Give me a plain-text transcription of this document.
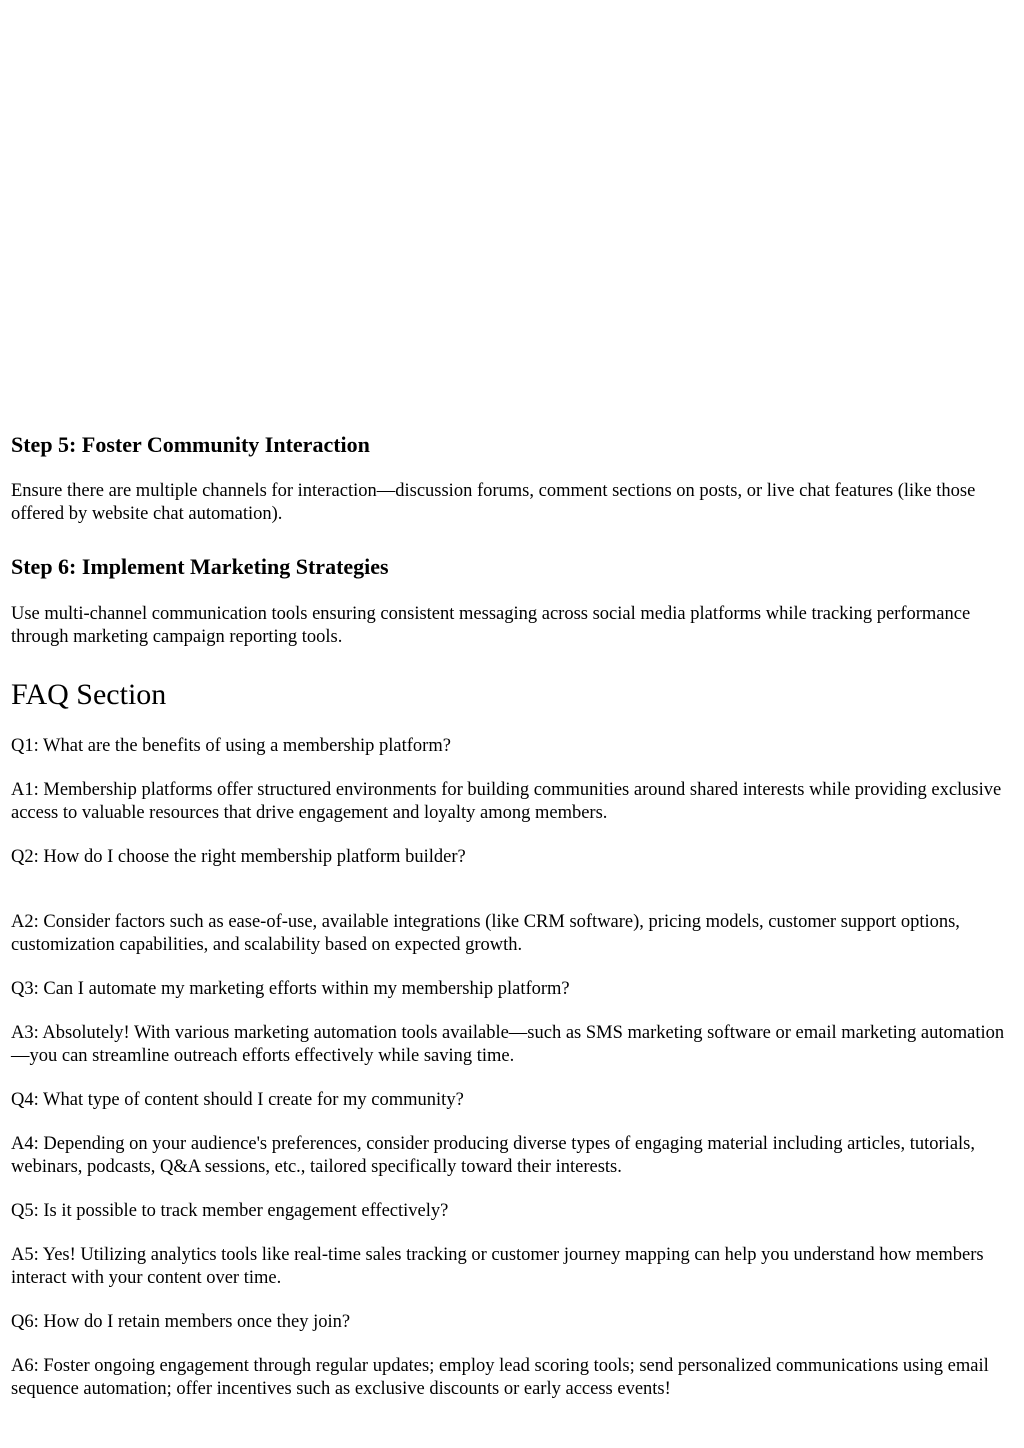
Step 5: Foster Community Interaction

Ensure there are multiple channels for interaction—discussion forums, comment sections on posts, or live chat features (like those offered by website chat automation).

Step 6: Implement Marketing Strategies

Use multi-channel communication tools ensuring consistent messaging across social media platforms while tracking performance through marketing campaign reporting tools.

FAQ Section

Q1: What are the benefits of using a membership platform?

A1: Membership platforms offer structured environments for building communities around shared interests while providing exclusive access to valuable resources that drive engagement and loyalty among members.

Q2: How do I choose the right membership platform builder?

A2: Consider factors such as ease-of-use, available integrations (like CRM software), pricing models, customer support options, customization capabilities, and scalability based on expected growth.

Q3: Can I automate my marketing efforts within my membership platform?

A3: Absolutely! With various marketing automation tools available—such as SMS marketing software or email marketing automation—you can streamline outreach efforts effectively while saving time.

Q4: What type of content should I create for my community?

A4: Depending on your audience's preferences, consider producing diverse types of engaging material including articles, tutorials, webinars, podcasts, Q&A sessions, etc., tailored specifically toward their interests.

Q5: Is it possible to track member engagement effectively?

A5: Yes! Utilizing analytics tools like real-time sales tracking or customer journey mapping can help you understand how members interact with your content over time.

Q6: How do I retain members once they join?

A6: Foster ongoing engagement through regular updates; employ lead scoring tools; send personalized communications using email sequence automation; offer incentives such as exclusive discounts or early access events!
